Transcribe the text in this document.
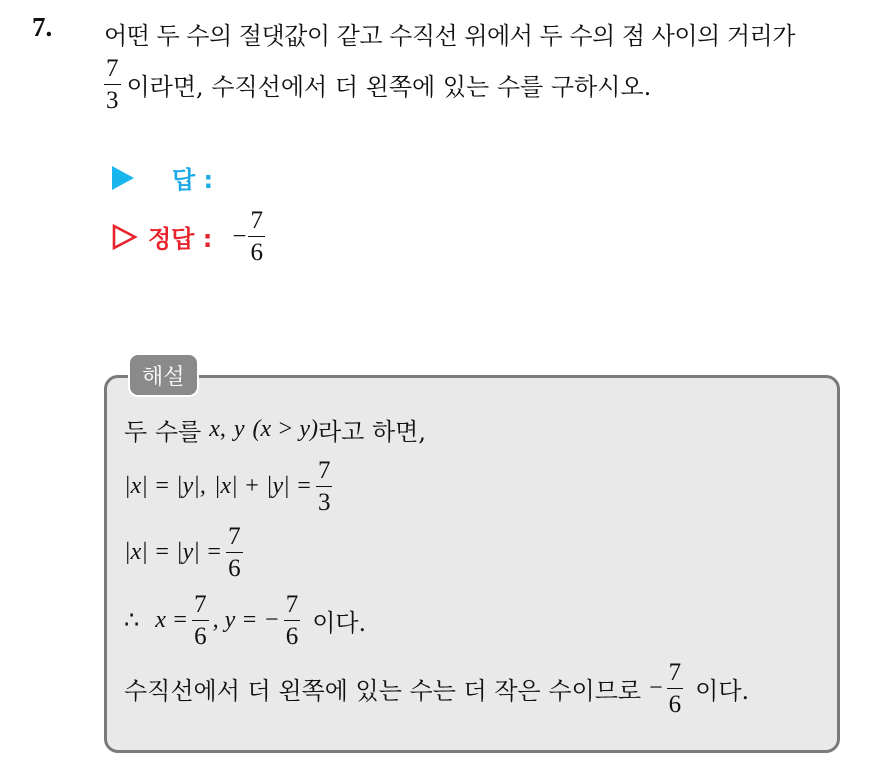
7. 어떤 두 수의 절댓값이 같고 수직선 위에서 두 수의 점 사이의 거리가
$\frac{7}{3}$ 이라면, 수직선에서 더 왼쪽에 있는 수를 구하시오.
답 :
정답 : − $\frac{7}{6}$
해설
두 수를 x , y (x > y) 라고 하면,
|x| = |y|, $|x| + |y| = \frac{7}{3}$
$|x| = |y| = \frac{7}{6}$
∴ $x = \frac{7}{6}$ , y = − $\frac{7}{6}$ 이다.
수직선에서 더 왼쪽에 있는 수는 더 작은 수이므로 − $\frac{7}{6}$ 이다.
